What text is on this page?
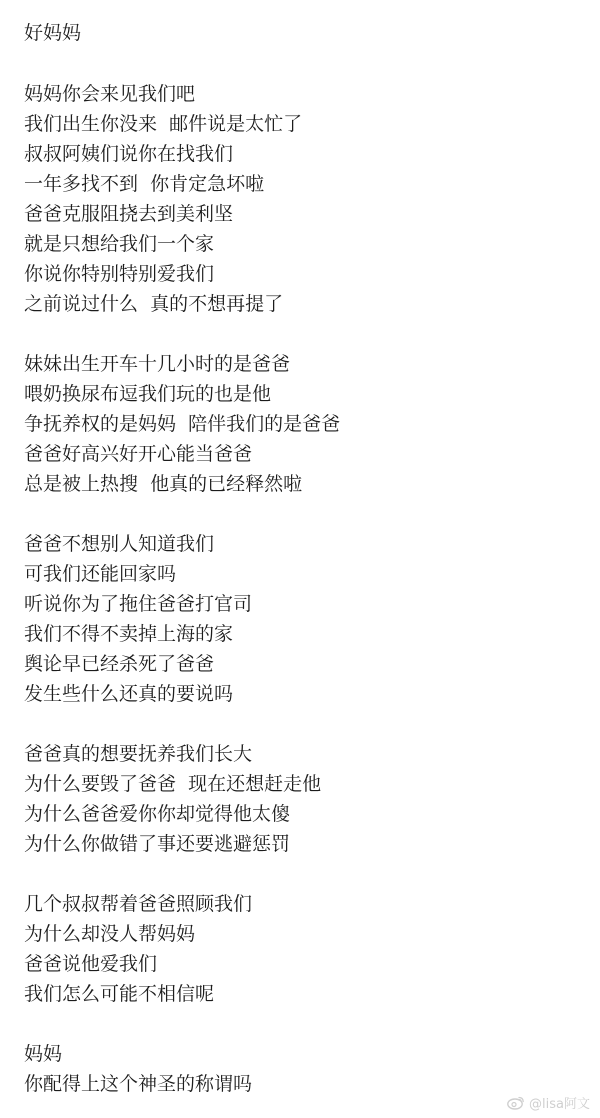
好妈妈
妈妈你会来见我们吧
我们出生你没来  邮件说是太忙了
叔叔阿姨们说你在找我们
一年多找不到  你肯定急坏啦
爸爸克服阻挠去到美利坚
就是只想给我们一个家
你说你特别特别爱我们
之前说过什么  真的不想再提了
妹妹出生开车十几小时的是爸爸
喂奶换尿布逗我们玩的也是他
争抚养权的是妈妈  陪伴我们的是爸爸
爸爸好高兴好开心能当爸爸
总是被上热搜  他真的已经释然啦
爸爸不想别人知道我们
可我们还能回家吗
听说你为了拖住爸爸打官司
我们不得不卖掉上海的家
舆论早已经杀死了爸爸
发生些什么还真的要说吗
爸爸真的想要抚养我们长大
为什么要毁了爸爸  现在还想赶走他
为什么爸爸爱你你却觉得他太傻
为什么你做错了事还要逃避惩罚
几个叔叔帮着爸爸照顾我们
为什么却没人帮妈妈
爸爸说他爱我们
我们怎么可能不相信呢
妈妈
你配得上这个神圣的称谓吗
@lisa阿文
